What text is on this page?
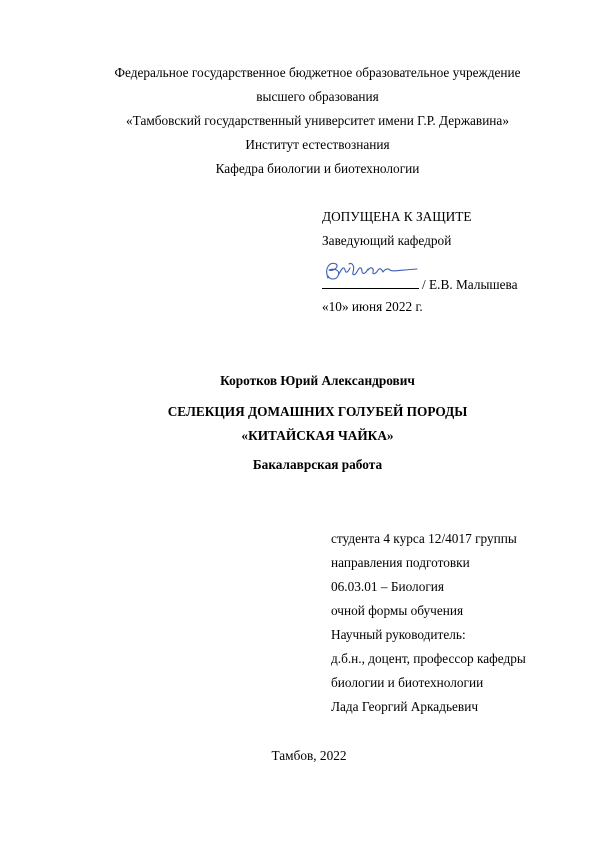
Федеральное государственное бюджетное образовательное учреждение
высшего образования
«Тамбовский государственный университет имени Г.Р. Державина»
Институт естествознания
Кафедра биологии и биотехнологии
ДОПУЩЕНА К ЗАЩИТЕ
Заведующий кафедрой
/ Е.В. Малышева
«10» июня 2022 г.
Коротков Юрий Александрович
СЕЛЕКЦИЯ ДОМАШНИХ ГОЛУБЕЙ ПОРОДЫ
«КИТАЙСКАЯ ЧАЙКА»
Бакалаврская работа
студента 4 курса 12/4017 группы
направления подготовки
06.03.01 – Биология
очной формы обучения
Научный руководитель:
д.б.н., доцент, профессор кафедры
биологии и биотехнологии
Лада Георгий Аркадьевич
Тамбов, 2022
